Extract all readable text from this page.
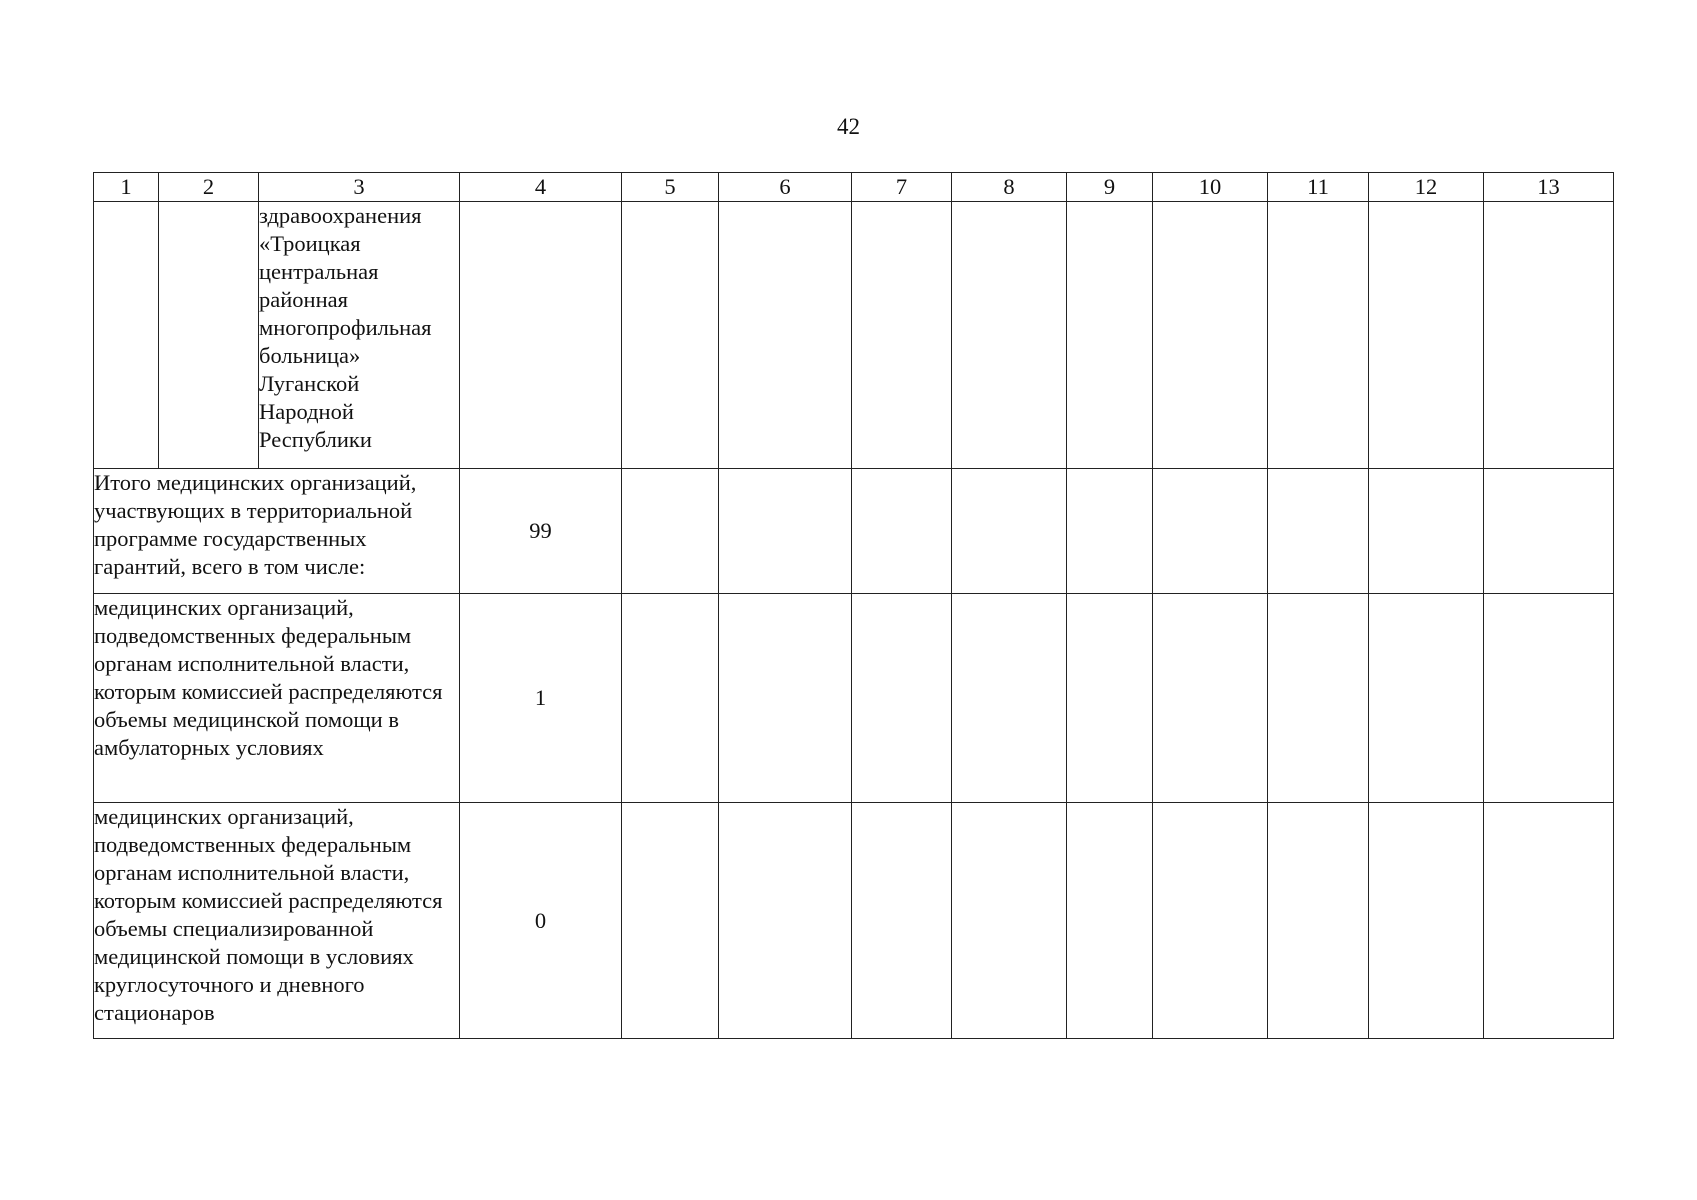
42
1	2	3	4	5	6	7	8	9	10	11	12	13
		здравоохранения «Троицкая центральная районная многопрофильная больница» Луганской Народной Республики										
Итого медицинских организаций, участвующих в территориальной программе государственных гарантий, всего в том числе:			99									
медицинских организаций, подведомственных федеральным органам исполнительной власти, которым комиссией распределяются объемы медицинской помощи в амбулаторных условиях			1									
медицинских организаций, подведомственных федеральным органам исполнительной власти, которым комиссией распределяются объемы специализированной медицинской помощи в условиях круглосуточного и дневного стационаров			0									
